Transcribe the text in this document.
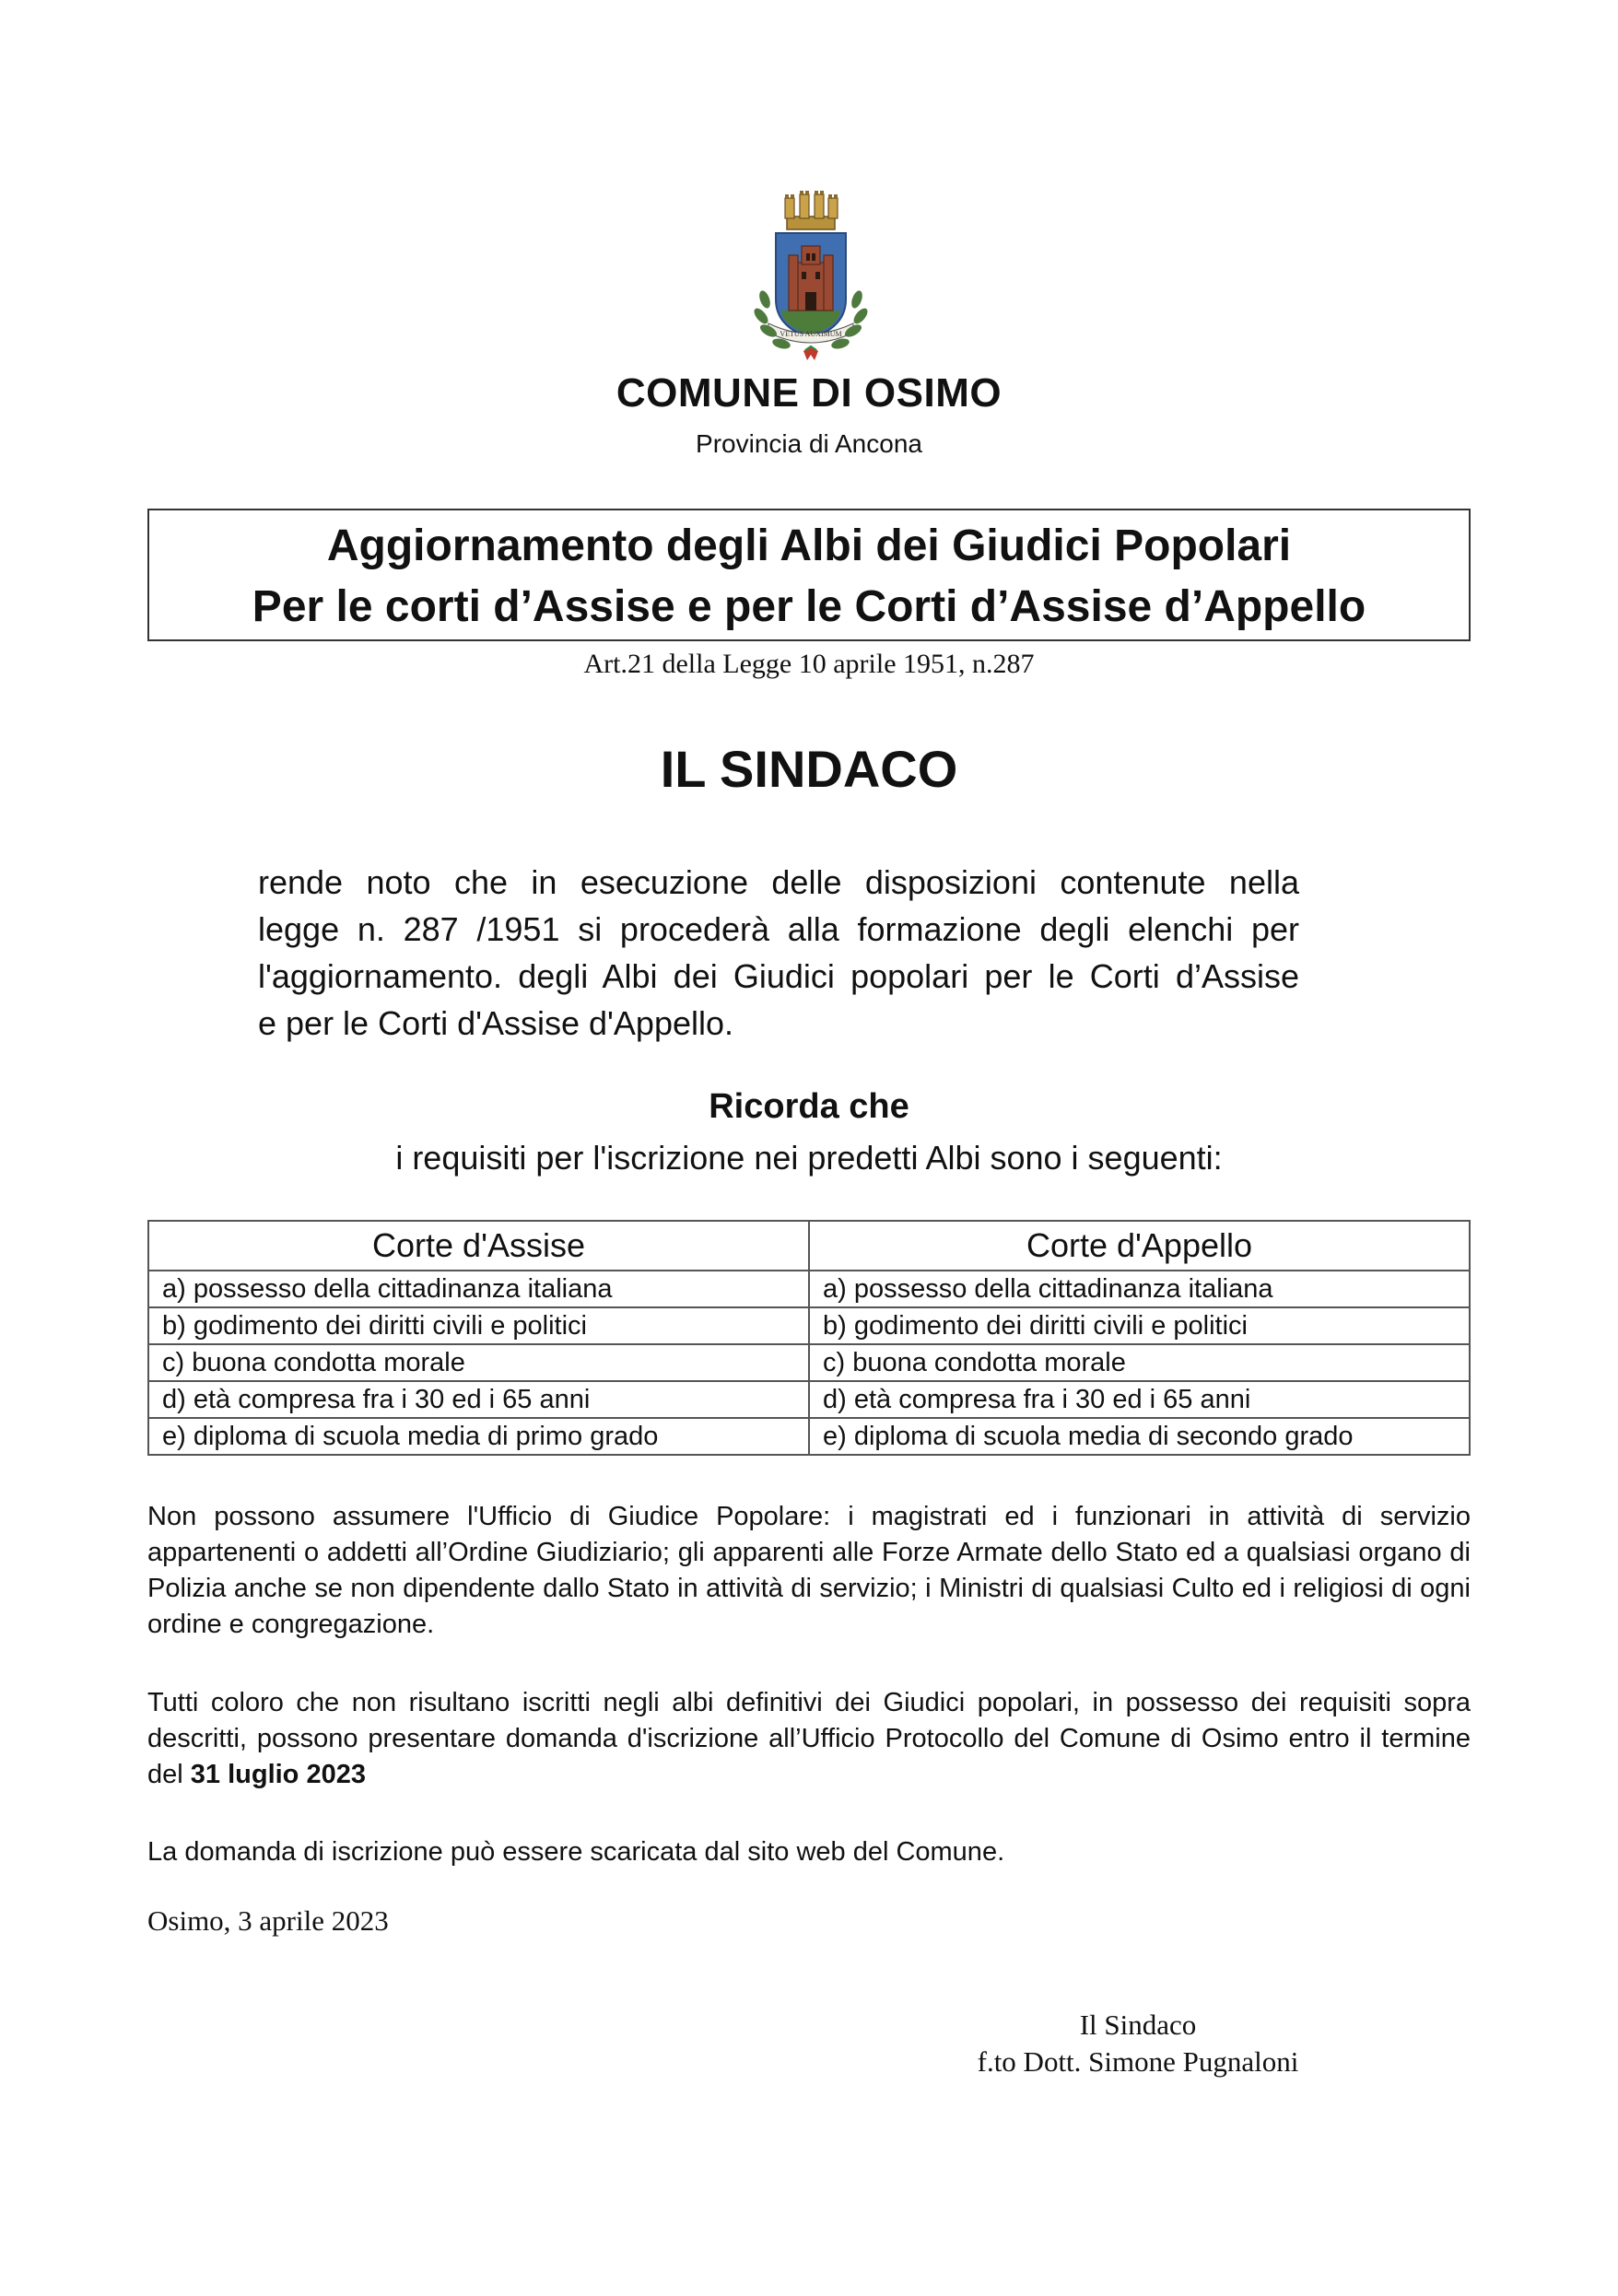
VETUS AUXIMUM
COMUNE DI OSIMO
Provincia di Ancona
Aggiornamento degli Albi dei Giudici Popolari
Per le corti d’Assise e per le Corti d’Assise d’Appello
Art.21 della Legge 10 aprile 1951, n.287
IL SINDACO
rende noto che in esecuzione delle disposizioni contenute nella
legge n. 287 /1951 si procederà alla formazione degli elenchi per
l'aggiornamento. degli Albi dei Giudici popolari per le Corti d’Assise
e per le Corti d'Assise d'Appello.
Ricorda che
i requisiti per l'iscrizione nei predetti Albi sono i seguenti:
Corte d'Assise	Corte d'Appello
a) possesso della cittadinanza italiana	a) possesso della cittadinanza italiana
b) godimento dei diritti civili e politici	b) godimento dei diritti civili e politici
c) buona condotta morale	c) buona condotta morale
d) età compresa fra i 30 ed i 65 anni	d) età compresa fra i 30 ed i 65 anni
e) diploma di scuola media di primo grado	e) diploma di scuola media di secondo grado

Non possono assumere l'Ufficio di Giudice Popolare: i magistrati ed i funzionari in attività di servizio appartenenti o addetti all’Ordine Giudiziario; gli apparenti alle Forze Armate dello Stato ed a qualsiasi organo di Polizia anche se non dipendente dallo Stato in attività di servizio; i Ministri di qualsiasi Culto ed i religiosi di ogni ordine e congregazione.

Tutti coloro che non risultano iscritti negli albi definitivi dei Giudici popolari, in possesso dei requisiti sopra descritti, possono presentare domanda d'iscrizione all’Ufficio Protocollo del Comune di Osimo entro il termine del 31 luglio 2023

La domanda di iscrizione può essere scaricata dal sito web del Comune.

Osimo, 3 aprile 2023
Il Sindaco
f.to Dott. Simone Pugnaloni
